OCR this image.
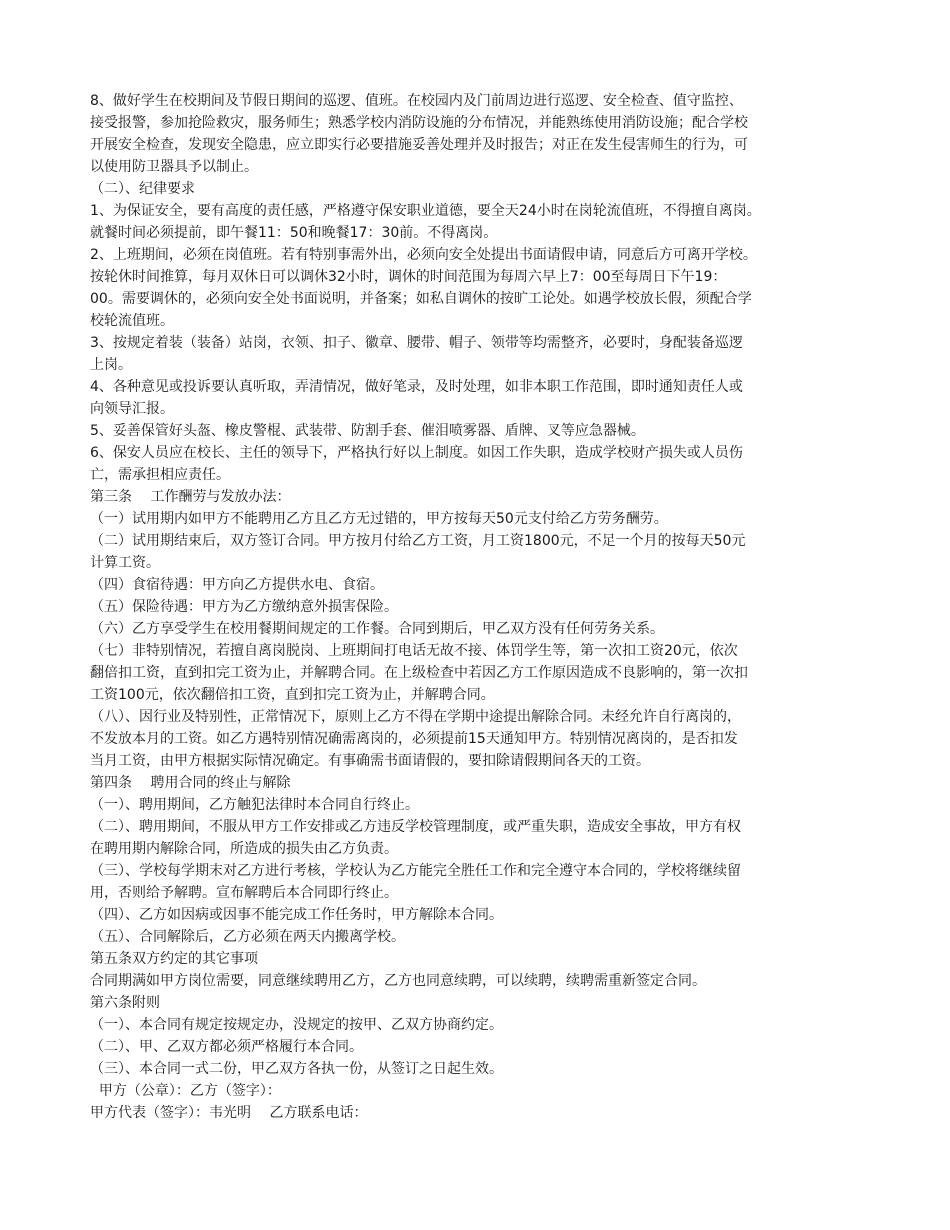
8、做好学生在校期间及节假日期间的巡逻、值班。在校园内及门前周边进行巡逻、安全检查、值守监控、
接受报警，参加抢险救灾，服务师生；熟悉学校内消防设施的分布情况，并能熟练使用消防设施；配合学校
开展安全检查，发现安全隐患，应立即实行必要措施妥善处理并及时报告；对正在发生侵害师生的行为，可
以使用防卫器具予以制止。

（二）、纪律要求

1、为保证安全，要有高度的责任感，严格遵守保安职业道德，要全天24小时在岗轮流值班，不得擅自离岗。
就餐时间必须提前，即午餐11：50和晚餐17：30前。不得离岗。

2、上班期间，必须在岗值班。若有特别事需外出，必须向安全处提出书面请假申请，同意后方可离开学校。
按轮休时间推算，每月双休日可以调休32小时，调休的时间范围为每周六早上7：00至每周日下午19：
00。需要调休的，必须向安全处书面说明，并备案；如私自调休的按旷工论处。如遇学校放长假，须配合学
校轮流值班。

3、按规定着装（装备）站岗，衣领、扣子、徽章、腰带、帽子、领带等均需整齐，必要时，身配装备巡逻
上岗。

4、各种意见或投诉要认真听取，弄清情况，做好笔录，及时处理，如非本职工作范围，即时通知责任人或
向领导汇报。

5、妥善保管好头盔、橡皮警棍、武装带、防割手套、催泪喷雾器、盾牌、叉等应急器械。

6、保安人员应在校长、主任的领导下，严格执行好以上制度。如因工作失职，造成学校财产损失或人员伤
亡，需承担相应责任。

第三条　 工作酬劳与发放办法：

（一）试用期内如甲方不能聘用乙方且乙方无过错的，甲方按每天50元支付给乙方劳务酬劳。

（二）试用期结束后，双方签订合同。甲方按月付给乙方工资，月工资1800元，不足一个月的按每天50元
计算工资。

（四）食宿待遇：甲方向乙方提供水电、食宿。

（五）保险待遇：甲方为乙方缴纳意外损害保险。

（六）乙方享受学生在校用餐期间规定的工作餐。合同到期后，甲乙双方没有任何劳务关系。

（七）非特别情况，若擅自离岗脱岗、上班期间打电话无故不接、体罚学生等，第一次扣工资20元，依次
翻倍扣工资，直到扣完工资为止，并解聘合同。在上级检查中若因乙方工作原因造成不良影响的，第一次扣
工资100元，依次翻倍扣工资，直到扣完工资为止，并解聘合同。

（八）、因行业及特别性，正常情况下，原则上乙方不得在学期中途提出解除合同。未经允许自行离岗的，
不发放本月的工资。如乙方遇特别情况确需离岗的，必须提前15天通知甲方。特别情况离岗的，是否扣发
当月工资，由甲方根据实际情况确定。有事确需书面请假的，要扣除请假期间各天的工资。

第四条　 聘用合同的终止与解除

（一）、聘用期间，乙方触犯法律时本合同自行终止。

（二）、聘用期间，不服从甲方工作安排或乙方违反学校管理制度，或严重失职，造成安全事故，甲方有权
在聘用期内解除合同，所造成的损失由乙方负责。

（三）、学校每学期末对乙方进行考核，学校认为乙方能完全胜任工作和完全遵守本合同的，学校将继续留
用，否则给予解聘。宣布解聘后本合同即行终止。

（四）、乙方如因病或因事不能完成工作任务时，甲方解除本合同。

（五）、合同解除后，乙方必须在两天内搬离学校。

第五条双方约定的其它事项

合同期满如甲方岗位需要，同意继续聘用乙方，乙方也同意续聘，可以续聘，续聘需重新签定合同。

第六条附则

（一）、本合同有规定按规定办，没规定的按甲、乙双方协商约定。

（二）、甲、乙双方都必须严格履行本合同。

（三）、本合同一式二份，甲乙双方各执一份，从签订之日起生效。

甲方（公章）：乙方（签字）：

甲方代表（签字）：韦光明　 乙方联系电话：
